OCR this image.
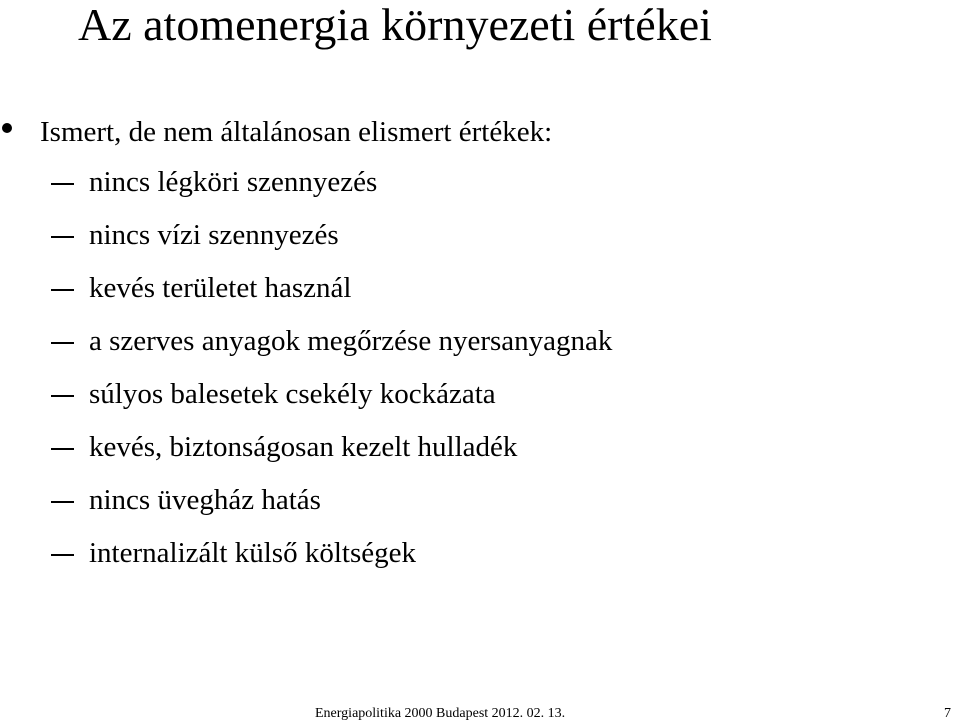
Az atomenergia környezeti értékei
Ismert, de nem általánosan elismert értékek:
nincs légköri szennyezés
nincs vízi szennyezés
kevés területet használ
a szerves anyagok megőrzése nyersanyagnak
súlyos balesetek csekély kockázata
kevés, biztonságosan kezelt hulladék
nincs üvegház hatás
internalizált külső költségek
Energiapolitika 2000 Budapest 2012. 02. 13.	7
